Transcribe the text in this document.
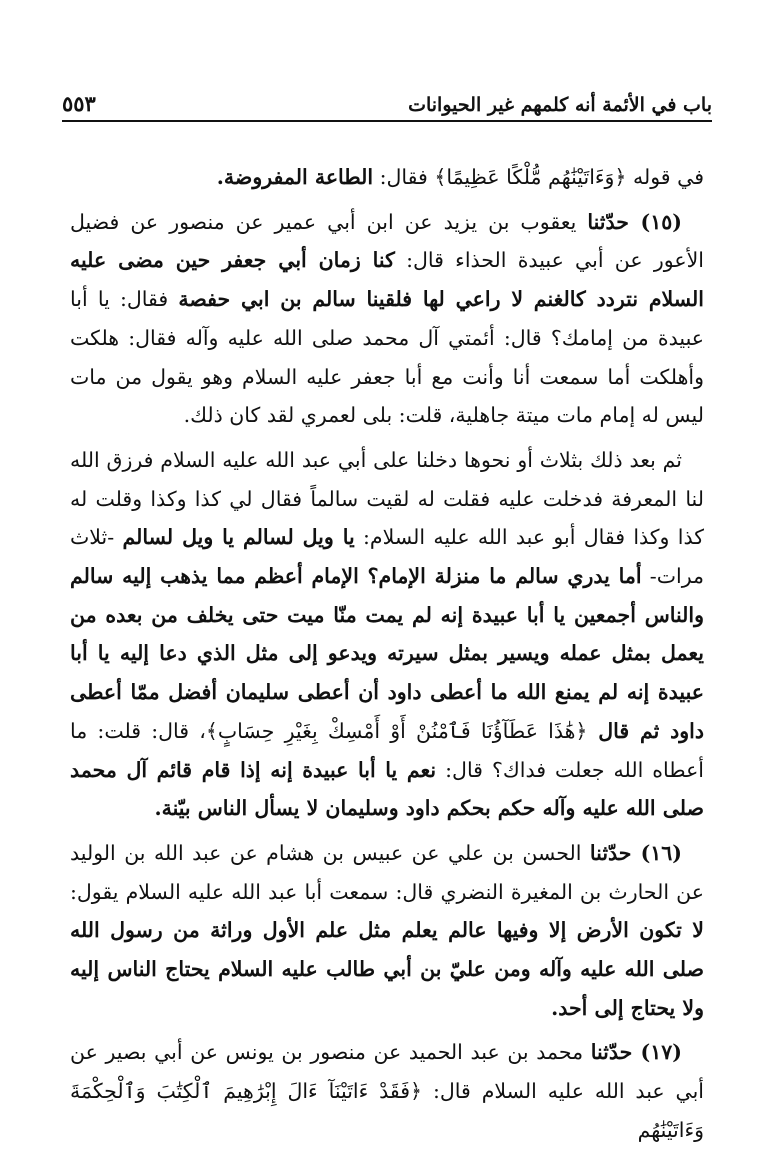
باب في الأئمة أنه كلمهم غير الحيوانات
٥٥٣

في قوله ﴿وَءَاتَيْنَٰهُم مُّلْكًا عَظِيمًا﴾ فقال: الطاعة المفروضة.

(١٥) حدّثنا يعقوب بن يزيد عن ابن أبي عمير عن منصور عن فضيل الأعور عن أبي عبيدة الحذاء قال: كنا زمان أبي جعفر حين مضى عليه السلام نتردد كالغنم لا راعي لها فلقينا سالم بن ابي حفصة فقال: يا أبا عبيدة من إمامك؟ قال: أئمتي آل محمد صلى الله عليه وآله فقال: هلكت وأهلكت أما سمعت أنا وأنت مع أبا جعفر عليه السلام وهو يقول من مات ليس له إمام مات ميتة جاهلية، قلت: بلى لعمري لقد كان ذلك.

ثم بعد ذلك بثلاث أو نحوها دخلنا على أبي عبد الله عليه السلام فرزق الله لنا المعرفة فدخلت عليه فقلت له لقيت سالماً فقال لي كذا وكذا وقلت له كذا وكذا فقال أبو عبد الله عليه السلام: يا ويل لسالم يا ويل لسالم -ثلاث مرات- أما يدري سالم ما منزلة الإمام؟ الإمام أعظم مما يذهب إليه سالم والناس أجمعين يا أبا عبيدة إنه لم يمت منّا ميت حتى يخلف من بعده من يعمل بمثل عمله ويسير بمثل سيرته ويدعو إلى مثل الذي دعا إليه يا أبا عبيدة إنه لم يمنع الله ما أعطى داود أن أعطى سليمان أفضل ممّا أعطى داود ثم قال ﴿هَٰذَا عَطَآؤُنَا فَٱمْنُنْ أَوْ أَمْسِكْ بِغَيْرِ حِسَابٍ﴾، قال: قلت: ما أعطاه الله جعلت فداك؟ قال: نعم يا أبا عبيدة إنه إذا قام قائم آل محمد صلى الله عليه وآله حكم بحكم داود وسليمان لا يسأل الناس بيّنة.

(١٦) حدّثنا الحسن بن علي عن عبيس بن هشام عن عبد الله بن الوليد عن الحارث بن المغيرة النضري قال: سمعت أبا عبد الله عليه السلام يقول: لا تكون الأرض إلا وفيها عالم يعلم مثل علم الأول وراثة من رسول الله صلى الله عليه وآله ومن عليّ بن أبي طالب عليه السلام يحتاج الناس إليه ولا يحتاج إلى أحد.

(١٧) حدّثنا محمد بن عبد الحميد عن منصور بن يونس عن أبي بصير عن أبي عبد الله عليه السلام قال: ﴿فَقَدْ ءَاتَيْنَآ ءَالَ إِبْرَٰهِيمَ ٱلْكِتَٰبَ وَٱلْحِكْمَةَ وَءَاتَيْنَٰهُم
